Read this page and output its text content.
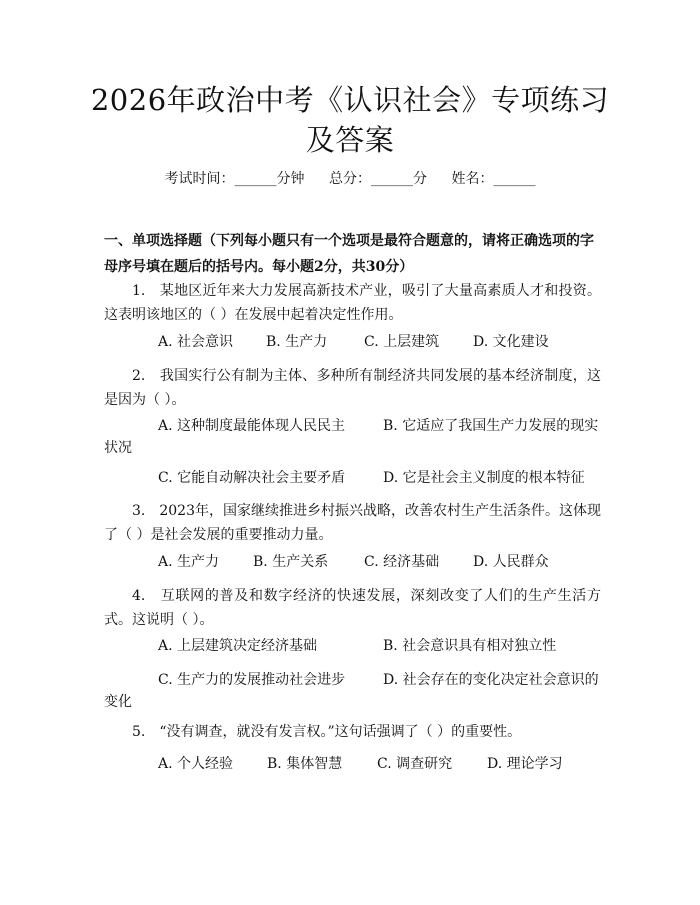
2026年政治中考《认识社会》专项练习及答案
考试时间：______分钟 总分：______分 姓名：______
一、单项选择题（下列每小题只有一个选项是最符合题意的，请将正确选项的字母序号填在题后的括号内。每小题2分，共30分）
1.　某地区近年来大力发展高新技术产业，吸引了大量高素质人才和投资。这表明该地区的（ ）在发展中起着决定性作用。
A. 社会意识 B. 生产力	C. 上层建筑 D. 文化建设
2.　我国实行公有制为主体、多种所有制经济共同发展的基本经济制度，这是因为（ ）。
A. 这种制度最能体现人民民主	B. 它适应了我国生产力发展的现实
状况
C. 它能自动解决社会主要矛盾	D. 它是社会主义制度的根本特征
3.　2023年，国家继续推进乡村振兴战略，改善农村生产生活条件。这体现了（ ）是社会发展的重要推动力量。
A. 生产力 B. 生产关系	C. 经济基础 D. 人民群众
4.　互联网的普及和数字经济的快速发展，深刻改变了人们的生产生活方式。这说明（ ）。
A. 上层建筑决定经济基础	B. 社会意识具有相对独立性
C. 生产力的发展推动社会进步	D. 社会存在的变化决定社会意识的
变化
5.　“没有调查，就没有发言权。”这句话强调了（ ）的重要性。
A. 个人经验 B. 集体智慧 C. 调查研究 D. 理论学习
